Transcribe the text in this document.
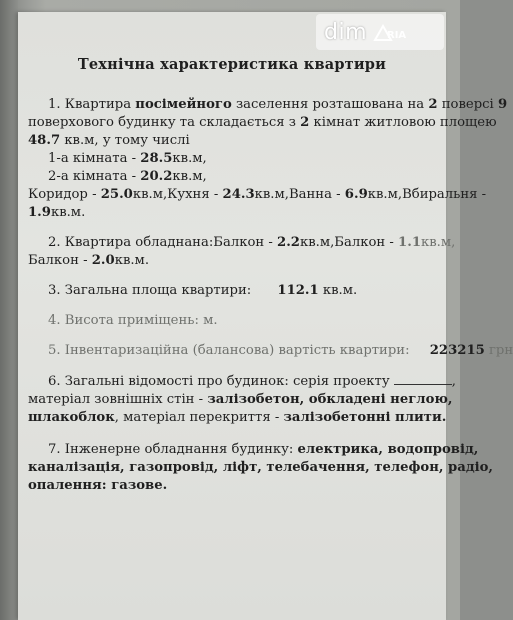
dim RIA
Технічна характеристика квартири
1. Квартира посімейного заселення розташована на 2 поверсі 9
поверхового будинку та складається з 2 кімнат житловою площею
48.7 кв.м, у тому числі
1-а кімната - 28.5кв.м,
2-а кімната - 20.2кв.м,
Коридор - 25.0кв.м, Кухня - 24.3кв.м, Ванна - 6.9кв.м, Вбиральня -
1.9кв.м.
2. Квартира обладнана: Балкон - 2.2кв.м, Балкон - 1.1кв.м,
Балкон - 2.0кв.м.
3. Загальна площа квартири: 112.1 кв.м.
4. Висота приміщень: м.
5. Інвентаризаційна (балансова) вартість квартири: 223215 грн
6. Загальні відомості про будинок: серія проекту	,
матеріал зовнішніх стін - залізобетон, обкладені неглою,
шлакоблок, матеріал перекриття - залізобетонні плити.
7. Інженерне обладнання будинку: електрика, водопровід,
каналізація, газопровід, ліфт, телебачення, телефон, радіо,
опалення: газове.
